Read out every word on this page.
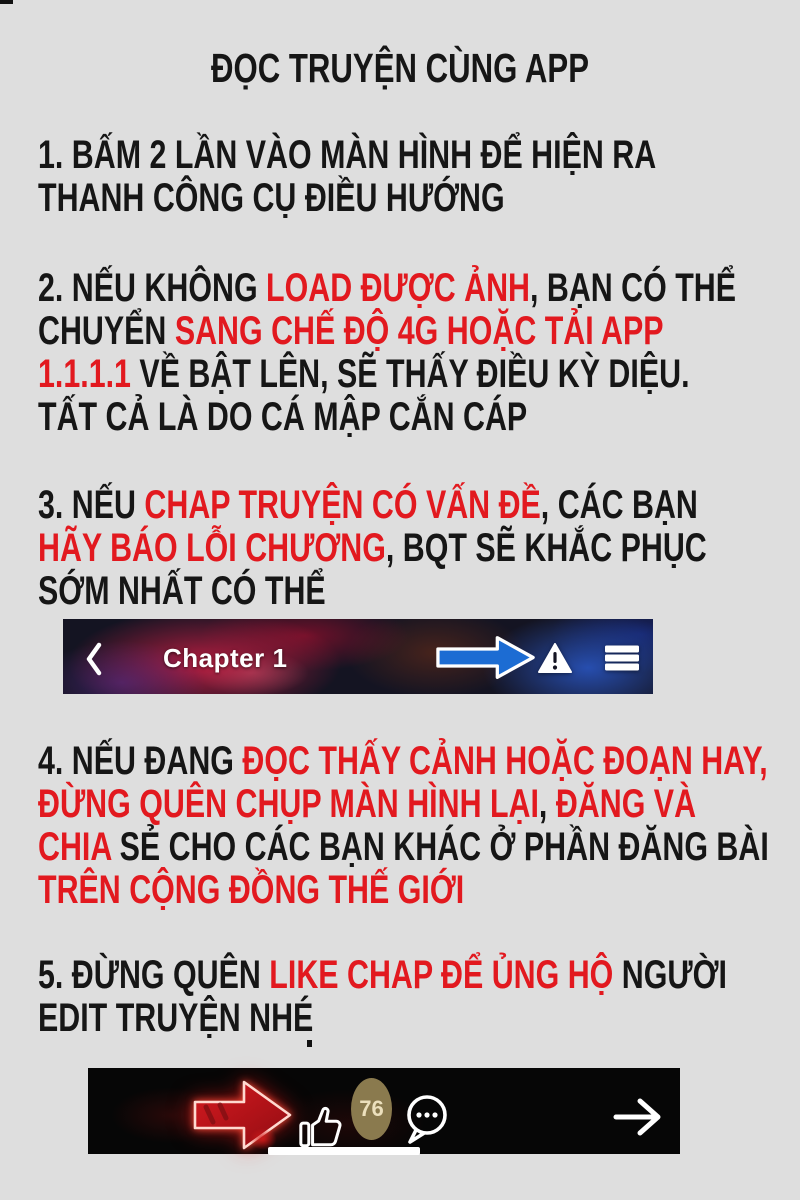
ĐỌC TRUYỆN CÙNG APP
1. BẤM 2 LẦN VÀO MÀN HÌNH ĐỂ HIỆN RA
THANH CÔNG CỤ ĐIỀU HƯỚNG
2. NẾU KHÔNG LOAD ĐƯỢC ẢNH, BẠN CÓ THỂ
CHUYỂN SANG CHẾ ĐỘ 4G HOẶC TẢI APP
1.1.1.1 VỀ BẬT LÊN, SẼ THẤY ĐIỀU KỲ DIỆU.
TẤT CẢ LÀ DO CÁ MẬP CẮN CÁP
3. NẾU CHAP TRUYỆN CÓ VẤN ĐỀ, CÁC BẠN
HÃY BÁO LỖI CHƯƠNG, BQT SẼ KHẮC PHỤC
SỚM NHẤT CÓ THỂ
Chapter 1
4. NẾU ĐANG ĐỌC THẤY CẢNH HOẶC ĐOẠN HAY,
ĐỪNG QUÊN CHỤP MÀN HÌNH LẠI, ĐĂNG VÀ
CHIA SẺ CHO CÁC BẠN KHÁC Ở PHẦN ĐĂNG BÀI
TRÊN CỘNG ĐỒNG THẾ GIỚI
5. ĐỪNG QUÊN LIKE CHAP ĐỂ ỦNG HỘ NGƯỜI
EDIT TRUYỆN NHÉ
76
